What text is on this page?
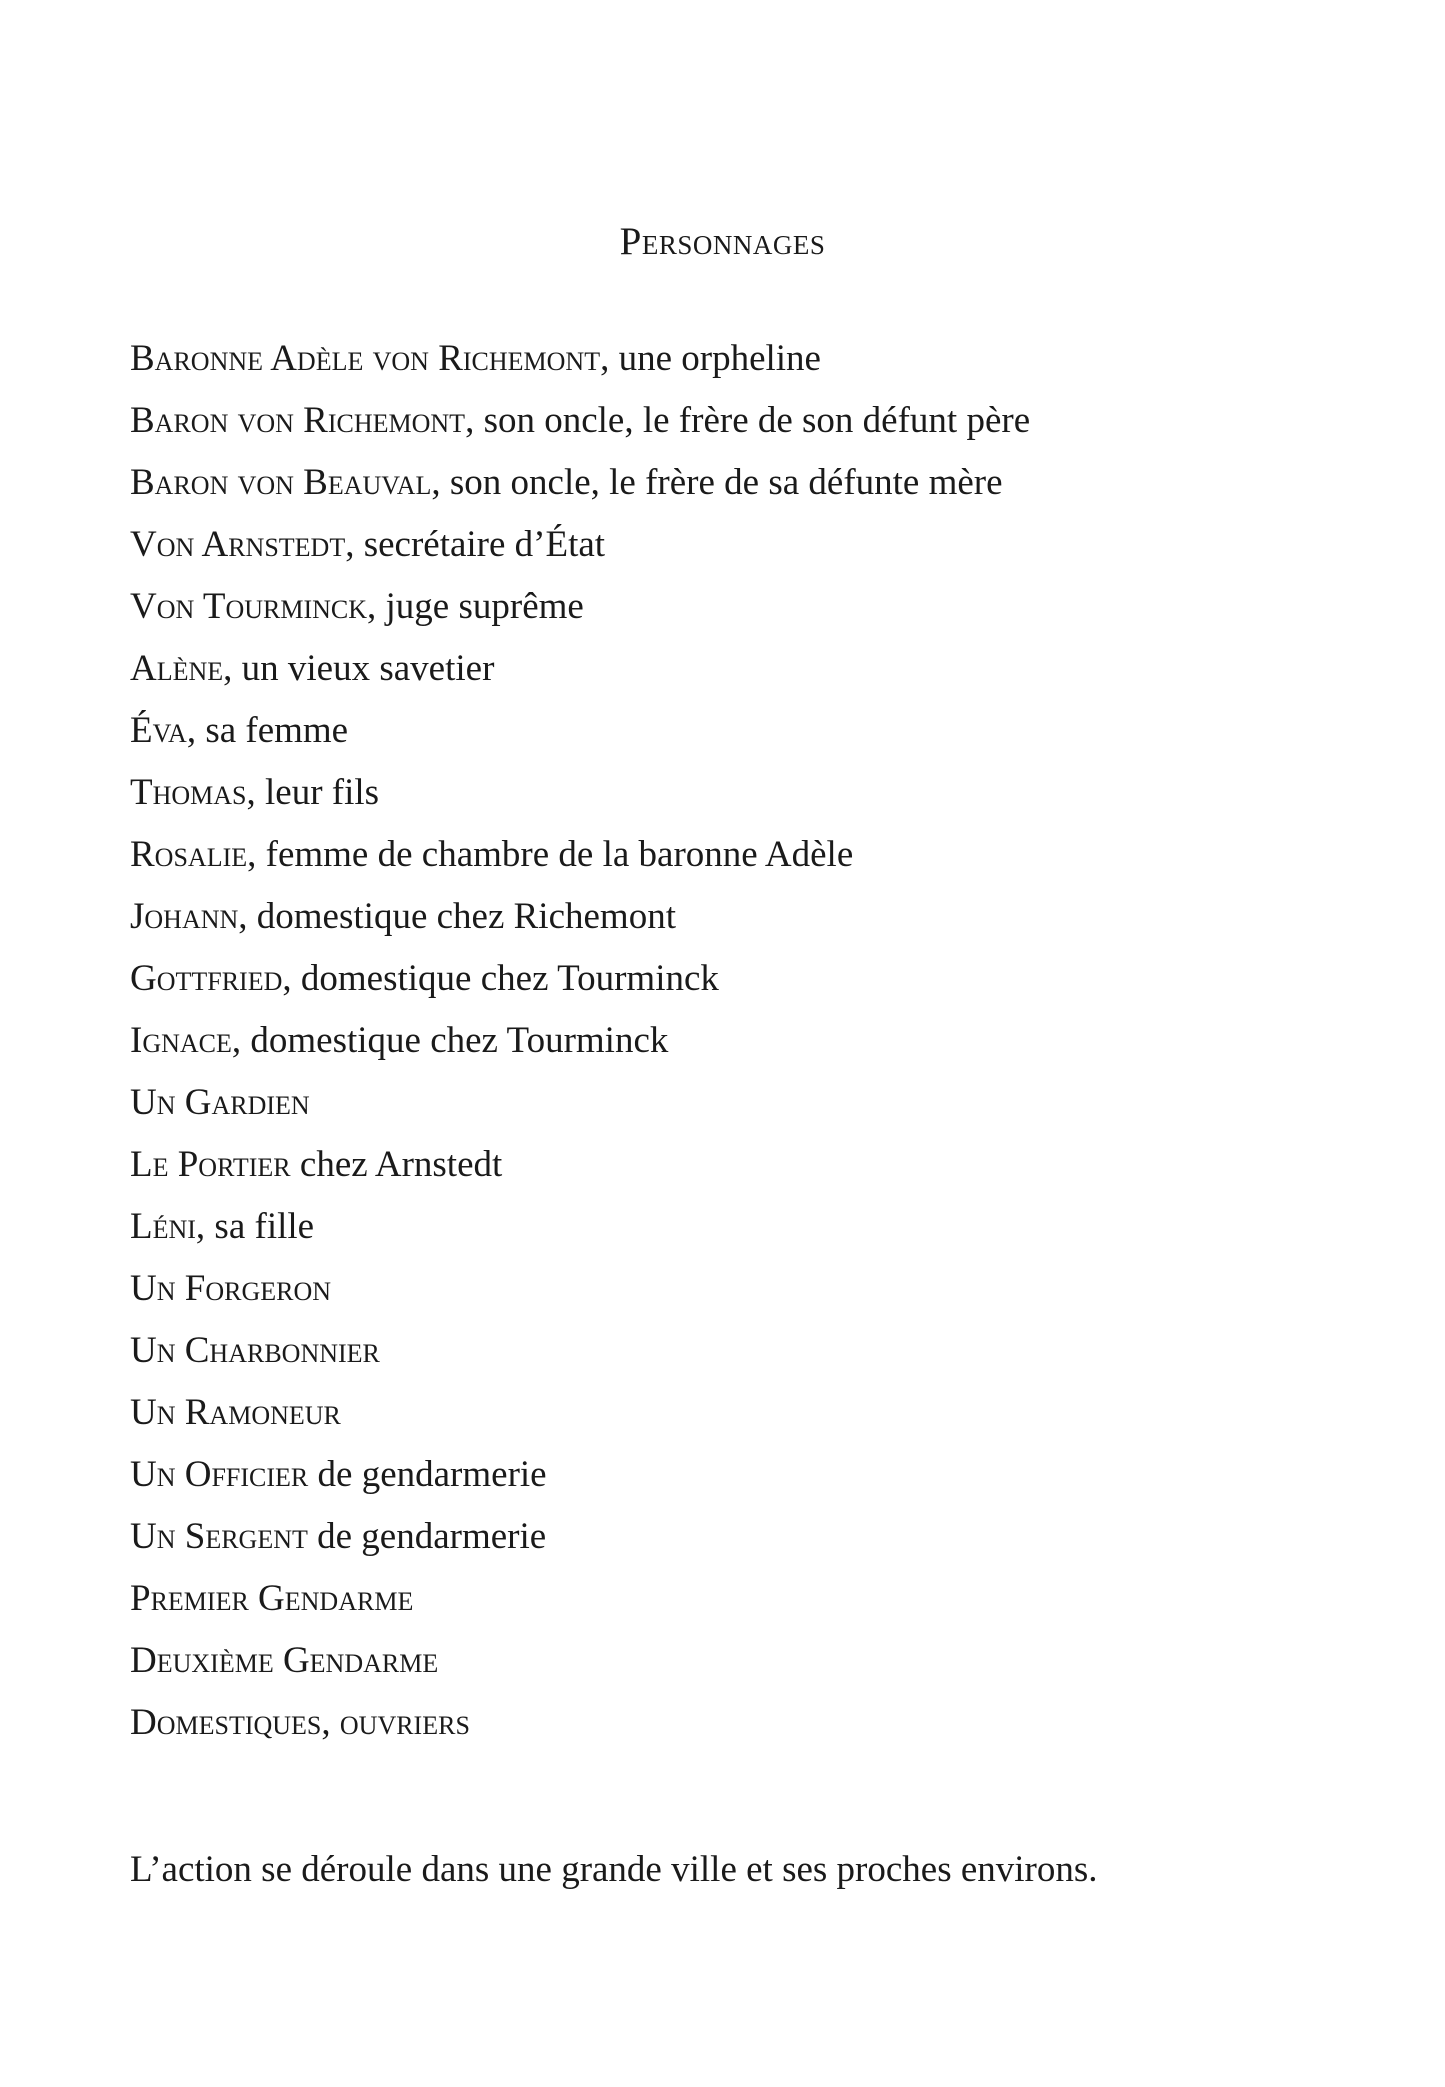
Personnages
Baronne Adèle von Richemont, une orpheline
Baron von Richemont, son oncle, le frère de son défunt père
Baron von Beauval, son oncle, le frère de sa défunte mère
Von Arnstedt, secrétaire d’État
Von Tourminck, juge suprême
Alène, un vieux savetier
Éva, sa femme
Thomas, leur fils
Rosalie, femme de chambre de la baronne Adèle
Johann, domestique chez Richemont
Gottfried, domestique chez Tourminck
Ignace, domestique chez Tourminck
Un Gardien
Le Portier chez Arnstedt
Léni, sa fille
Un Forgeron
Un Charbonnier
Un Ramoneur
Un Officier de gendarmerie
Un Sergent de gendarmerie
Premier Gendarme
Deuxième Gendarme
Domestiques, ouvriers

L’action se déroule dans une grande ville et ses proches environs.
